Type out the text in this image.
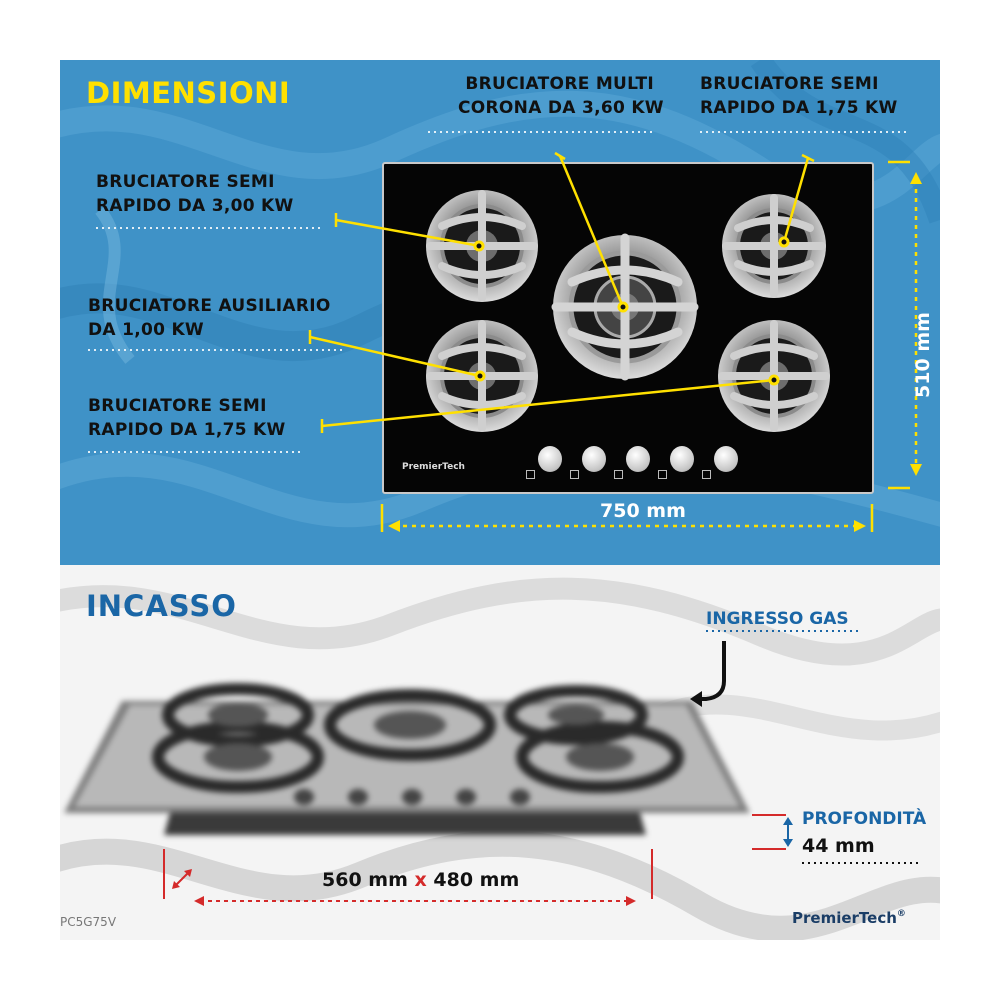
DIMENSIONI	BRUCIATORE MULTI
CORONA DA 3,60 KW
BRUCIATORE SEMI
RAPIDO DA 1,75 KW
BRUCIATORE SEMI
RAPIDO DA 3,00 KW
BRUCIATORE AUSILIARIO
DA 1,00 KW
BRUCIATORE SEMI
RAPIDO DA 1,75 KW
PremierTech
750 mm
510 mm
INCASSO	INGRESSO GAS
PROFONDITÀ
44 mm
560 mm x 480 mm
PC5G75V	PremierTech®
